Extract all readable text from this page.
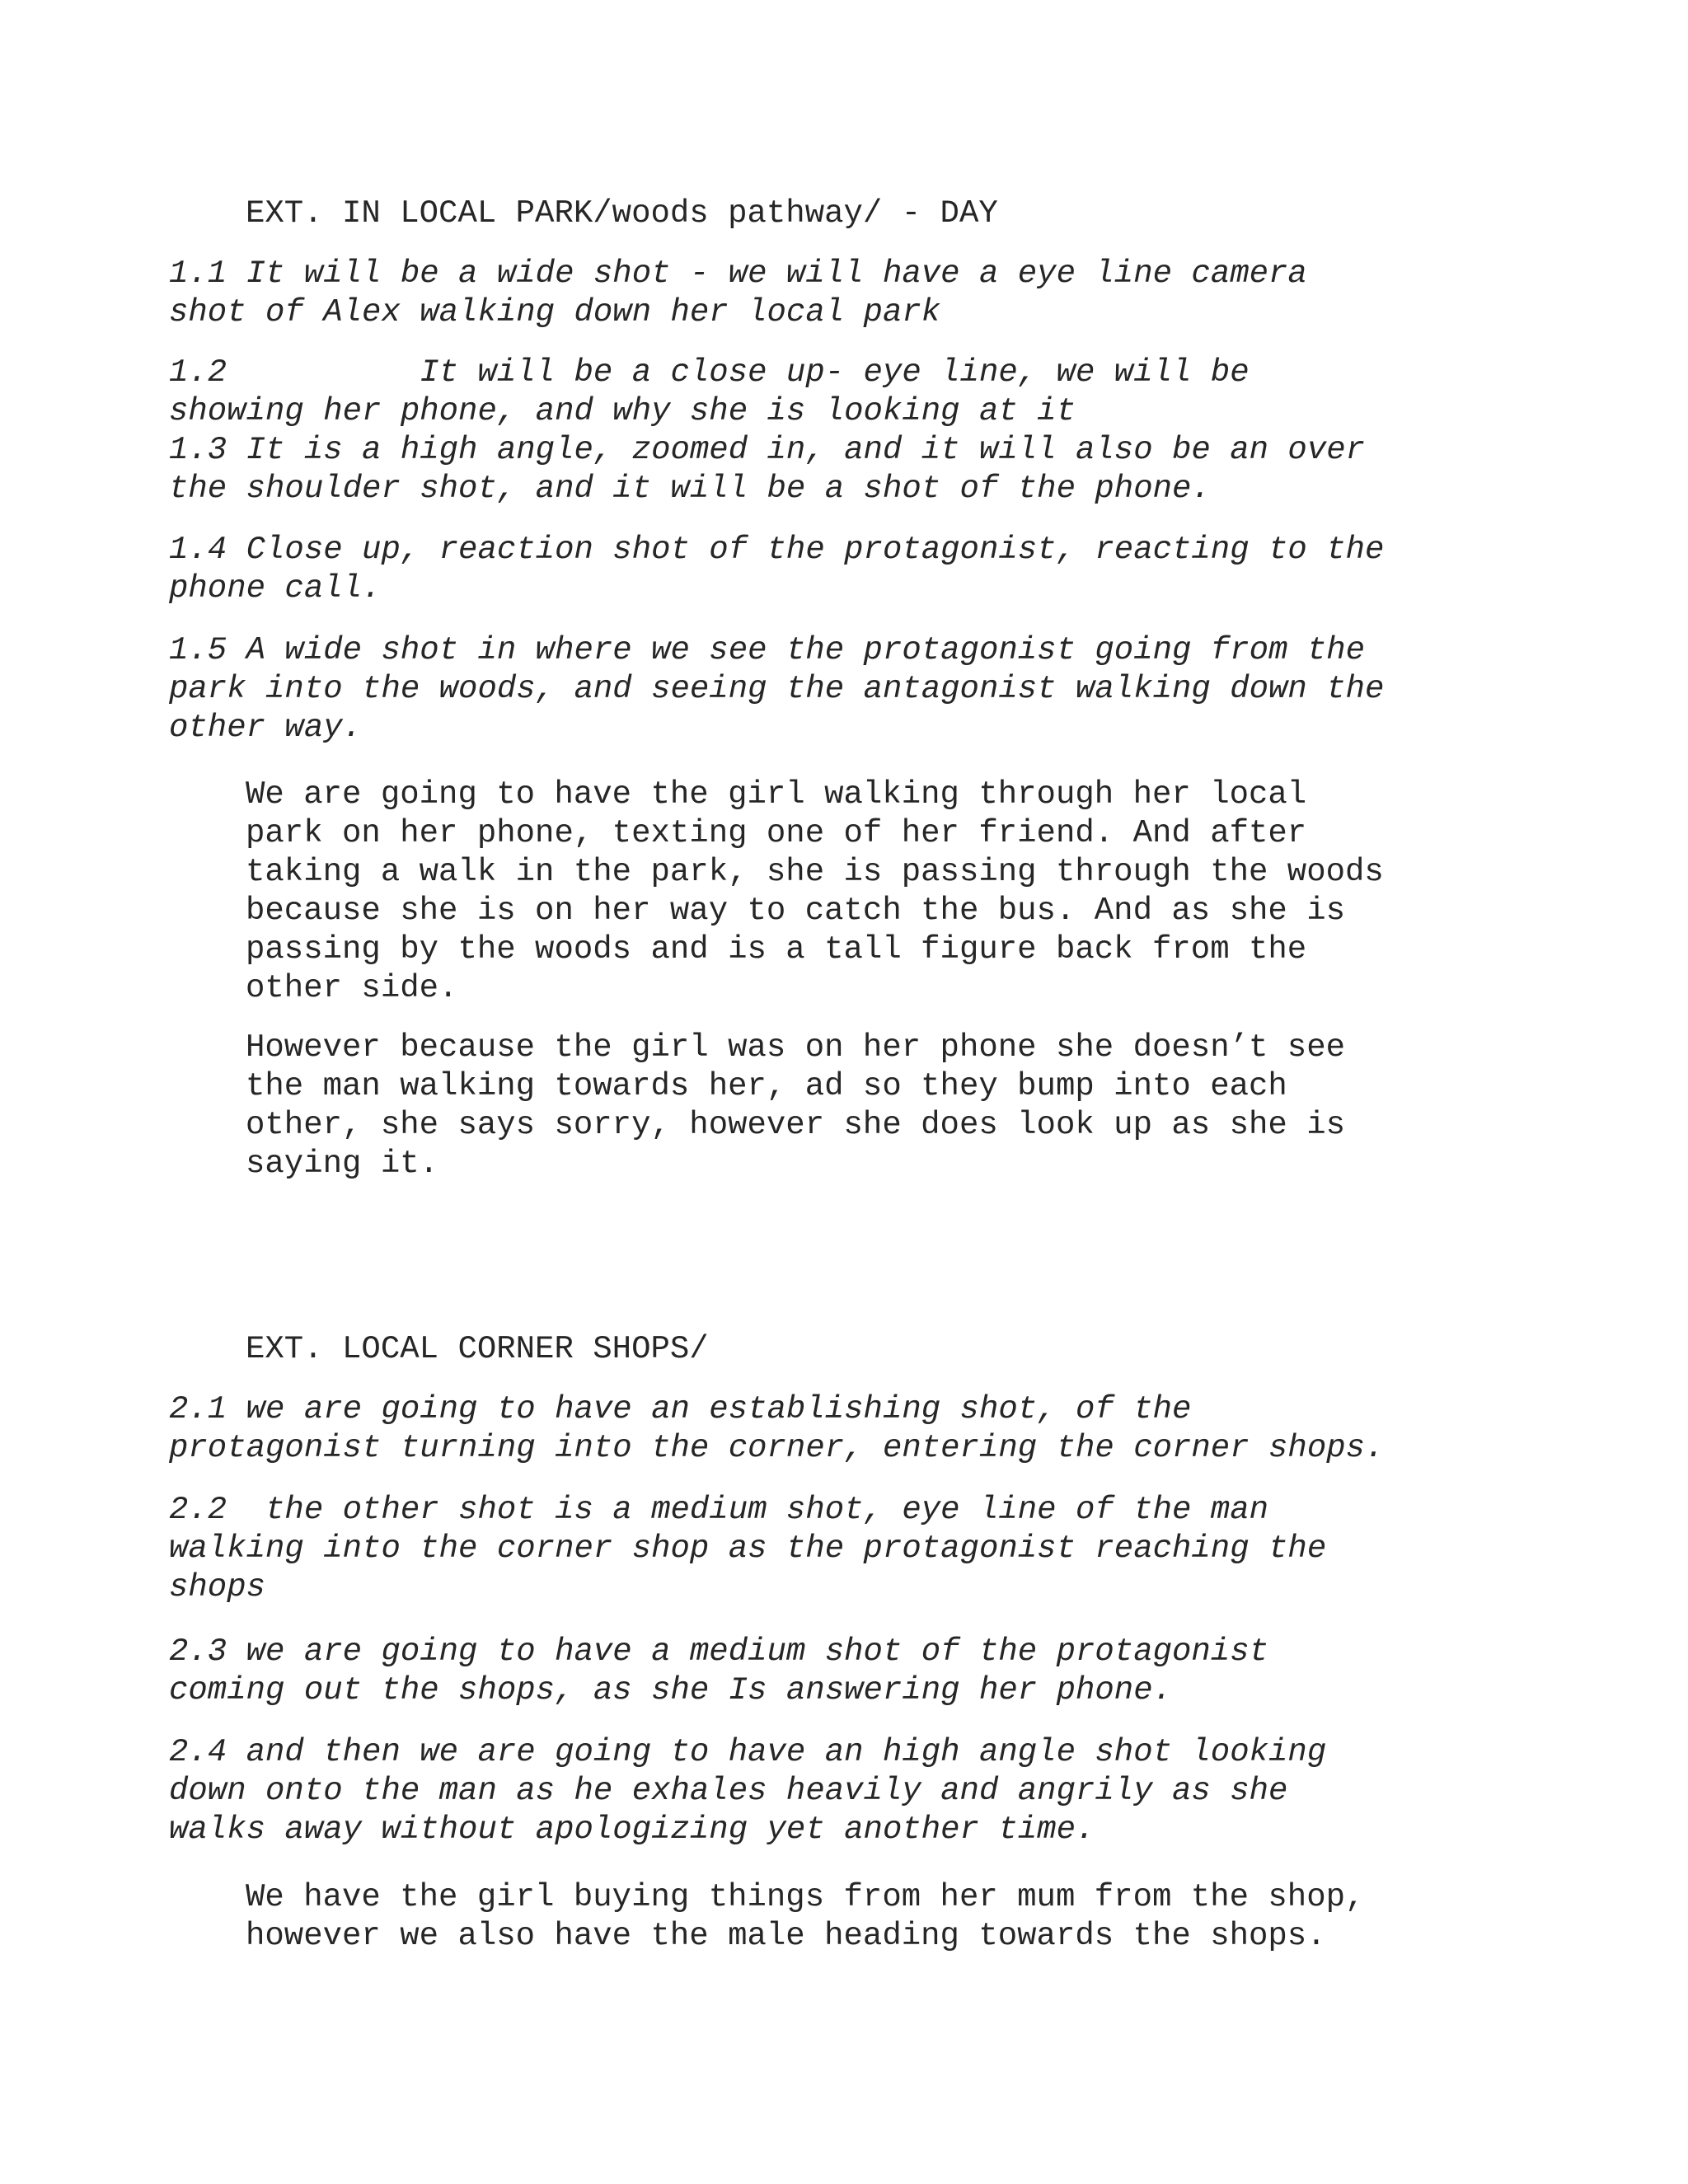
EXT. IN LOCAL PARK/woods pathway/ - DAY

1.1 It will be a wide shot - we will have a eye line camera
shot of Alex walking down her local park

1.2          It will be a close up- eye line, we will be
showing her phone, and why she is looking at it
1.3 It is a high angle, zoomed in, and it will also be an over
the shoulder shot, and it will be a shot of the phone.

1.4 Close up, reaction shot of the protagonist, reacting to the
phone call.

1.5 A wide shot in where we see the protagonist going from the
park into the woods, and seeing the antagonist walking down the
other way.

We are going to have the girl walking through her local
park on her phone, texting one of her friend. And after
taking a walk in the park, she is passing through the woods
because she is on her way to catch the bus. And as she is
passing by the woods and is a tall figure back from the
other side.

However because the girl was on her phone she doesn’t see
the man walking towards her, ad so they bump into each
other, she says sorry, however she does look up as she is
saying it.

EXT. LOCAL CORNER SHOPS/

2.1 we are going to have an establishing shot, of the
protagonist turning into the corner, entering the corner shops.

2.2  the other shot is a medium shot, eye line of the man
walking into the corner shop as the protagonist reaching the
shops

2.3 we are going to have a medium shot of the protagonist
coming out the shops, as she Is answering her phone.

2.4 and then we are going to have an high angle shot looking
down onto the man as he exhales heavily and angrily as she
walks away without apologizing yet another time.

We have the girl buying things from her mum from the shop,
however we also have the male heading towards the shops.
